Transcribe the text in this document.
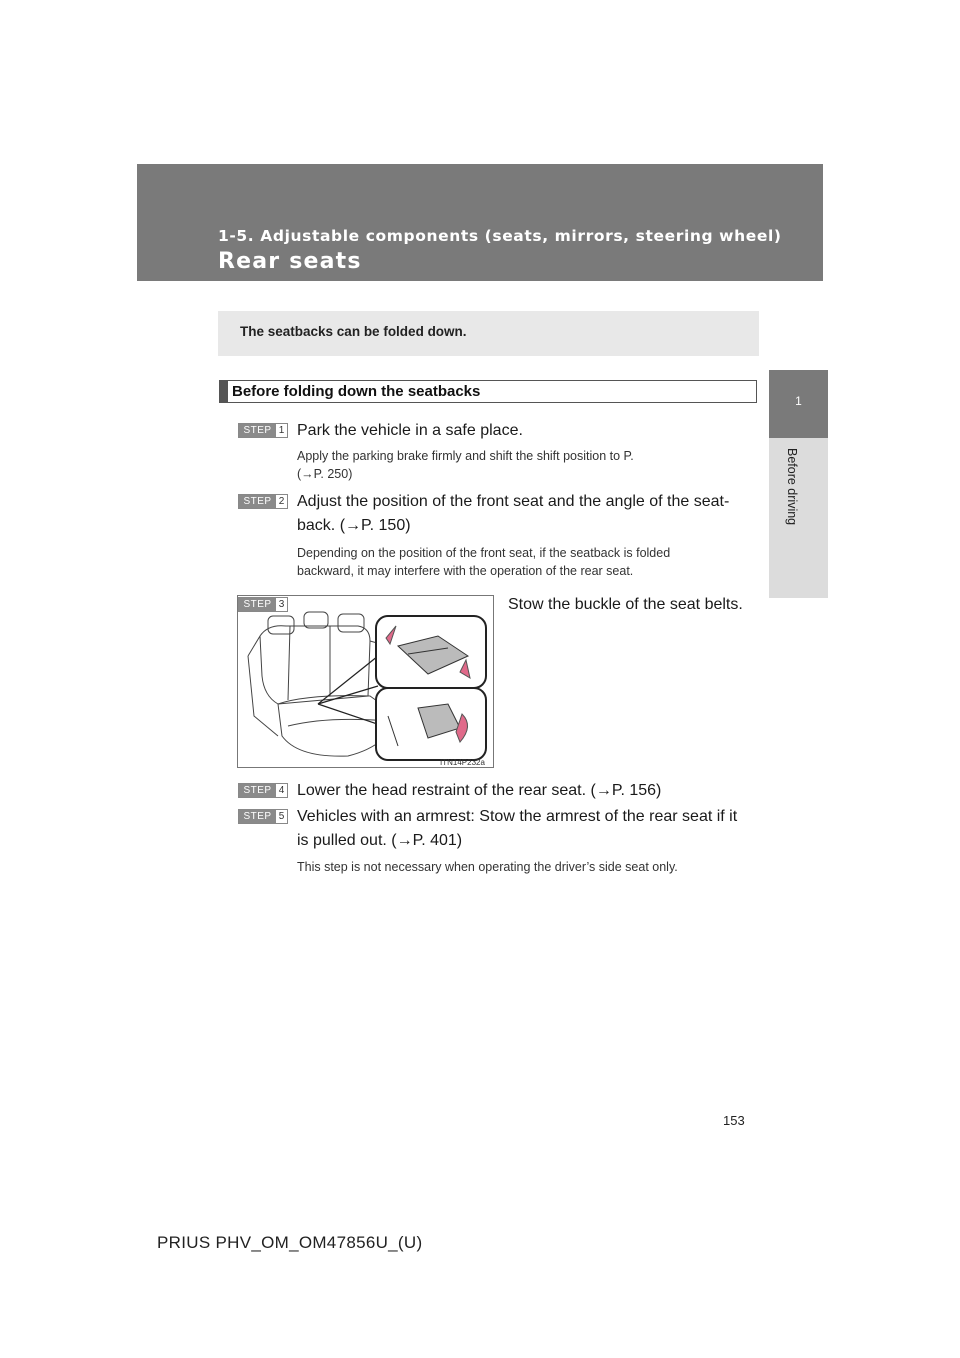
1-5. Adjustable components (seats, mirrors, steering wheel)
Rear seats
1
Before driving
The seatbacks can be folded down.
Before folding down the seatbacks
STEP 1 Park the vehicle in a safe place.
Apply the parking brake firmly and shift the shift position to P.
(→P. 250)
STEP 2 Adjust the position of the front seat and the angle of the seat-
back. (→P. 150)
Depending on the position of the front seat, if the seatback is folded
backward, it may interfere with the operation of the rear seat.
STEP 3
ITN14P232a
Stow the buckle of the seat belts.
STEP 4 Lower the head restraint of the rear seat. (→P. 156)
STEP 5 Vehicles with an armrest: Stow the armrest of the rear seat if it
is pulled out. (→P. 401)
This step is not necessary when operating the driver’s side seat only.
153
PRIUS PHV_OM_OM47856U_(U)
